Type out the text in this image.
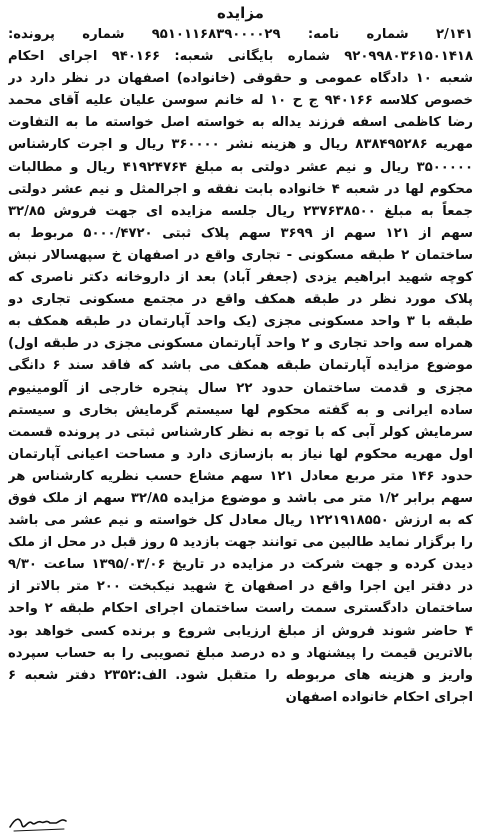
مزایده
۲/۱۴۱ شماره نامه: ۹۵۱۰۱۱۶۸۳۹۰۰۰۰۲۹ شماره پرونده:
۹۲۰۹۹۸۰۳۶۱۵۰۱۴۱۸ شماره بایگانی شعبه: ۹۴۰۱۶۶ اجرای احکام
شعبه ۱۰ دادگاه عمومی و حقوقی (خانواده) اصفهان در نظر دارد در
خصوص کلاسه ۹۴۰۱۶۶ ج ح ۱۰ له خانم سوسن علیان علیه آقای محمد
رضا کاظمی اسفه فرزند یداله به خواسته اصل خواسته ما به التفاوت
مهریه ۸۳۸۴۹۵۲۸۶ ریال و هزینه نشر ۳۶۰۰۰۰ ریال و اجرت کارشناس
۳۵۰۰۰۰۰ ریال و نیم عشر دولتی به مبلغ ۴۱۹۲۴۷۶۴ ریال و مطالبات
محکوم لها در شعبه ۴ خانواده بابت نفقه و اجرالمثل و نیم عشر دولتی
جمعاً به مبلغ ۲۳۷۶۳۸۵۰۰ ریال جلسه مزایده ای جهت فروش ۳۲/۸۵
سهم از ۱۲۱ سهم از ۳۶۹۹ سهم پلاک ثبتی ۵۰۰۰/۴۷۲۰ مربوط به
ساختمان ۲ طبقه مسکونی - تجاری واقع در اصفهان خ سپهسالار نبش
کوچه شهید ابراهیم یزدی (جعفر آباد) بعد از داروخانه دکتر ناصری که
پلاک مورد نظر در طبقه همکف واقع در مجتمع مسکونی تجاری دو
طبقه با ۳ واحد مسکونی مجزی (یک واحد آپارتمان در طبقه همکف به
همراه سه واحد تجاری و ۲ واحد آپارتمان مسکونی مجزی در طبقه اول)
موضوع مزایده آپارتمان طبقه همکف می باشد که فاقد سند ۶ دانگی
مجزی و قدمت ساختمان حدود ۲۲ سال پنجره خارجی از آلومینیوم
ساده ایرانی و به گفته محکوم لها سیستم گرمایش بخاری و سیستم
سرمایش کولر آبی که با توجه به نظر کارشناس ثبتی در پرونده قسمت
اول مهریه محکوم لها نیاز به بازسازی دارد و مساحت اعیانی آپارتمان
حدود ۱۴۶ متر مربع معادل ۱۲۱ سهم مشاع حسب نظریه کارشناس هر
سهم برابر ۱/۲ متر می باشد و موضوع مزایده ۳۲/۸۵ سهم از ملک فوق
که به ارزش ۱۲۲۱۹۱۸۵۵۰ ریال معادل کل خواسته و نیم عشر می باشد
را برگزار نماید طالبین می توانند جهت بازدید ۵ روز قبل در محل از ملک
دیدن کرده و جهت شرکت در مزایده در تاریخ ۱۳۹۵/۰۳/۰۶ ساعت ۹/۳۰
در دفتر این اجرا واقع در اصفهان خ شهید نیکبخت ۲۰۰ متر بالاتر از
ساختمان دادگستری سمت راست ساختمان اجرای احکام طبقه ۲ واحد
۴ حاضر شوند فروش از مبلغ ارزیابی شروع و برنده کسی خواهد بود
بالاترین قیمت را پیشنهاد و ده درصد مبلغ تصویبی را به حساب سپرده
واریز و هزینه های مربوطه را متقبل شود. الف:۲۳۵۲ دفتر شعبه ۶
اجرای احکام خانواده اصفهان
